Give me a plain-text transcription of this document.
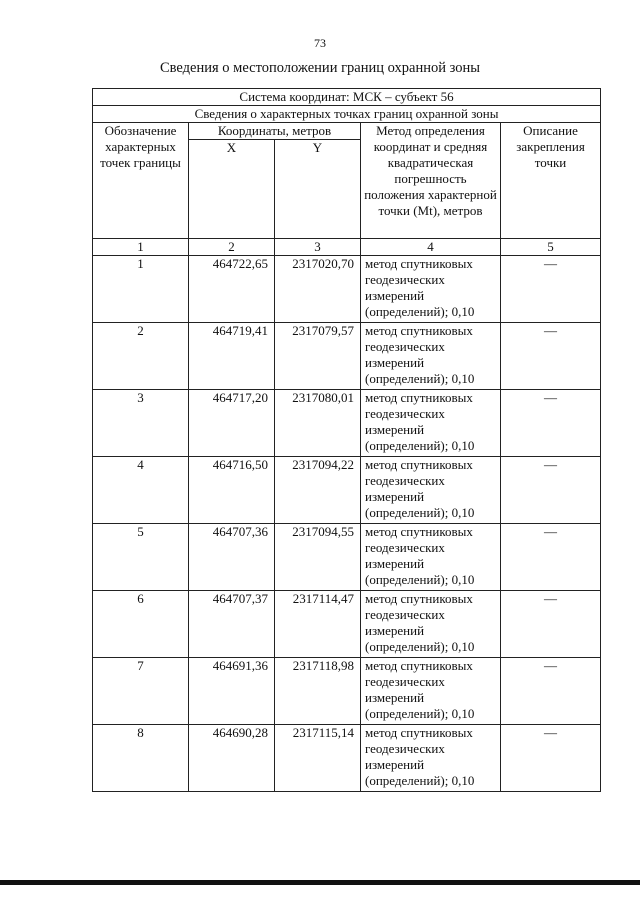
73
Сведения о местоположении границ охранной зоны
Система координат: МСК – субъект 56				
Сведения о характерных точках границ охранной зоны				
Обозначение характерных точек границы	Координаты, метров		Метод определения координат и средняя квадратическая погрешность положения характерной точки (Mt), метров	Описание закрепления точки
	X	Y		
1	2	3	4	5
1	464722,65	2317020,70	метод спутниковых геодезических измерений (определений); 0,10	—
2	464719,41	2317079,57	метод спутниковых геодезических измерений (определений); 0,10	—
3	464717,20	2317080,01	метод спутниковых геодезических измерений (определений); 0,10	—
4	464716,50	2317094,22	метод спутниковых геодезических измерений (определений); 0,10	—
5	464707,36	2317094,55	метод спутниковых геодезических измерений (определений); 0,10	—
6	464707,37	2317114,47	метод спутниковых геодезических измерений (определений); 0,10	—
7	464691,36	2317118,98	метод спутниковых геодезических измерений (определений); 0,10	—
8	464690,28	2317115,14	метод спутниковых геодезических измерений (определений); 0,10	—
